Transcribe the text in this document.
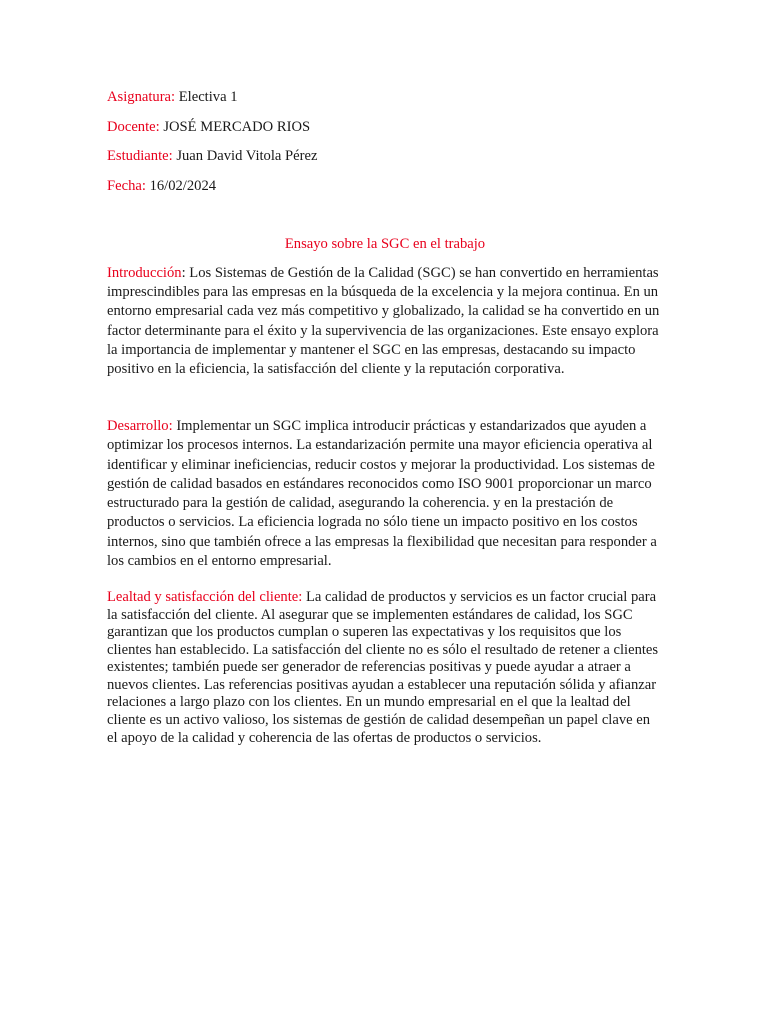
Asignatura: Electiva 1
Docente: JOSÉ MERCADO RIOS
Estudiante: Juan David Vitola Pérez
Fecha: 16/02/2024
Ensayo sobre la SGC en el trabajo

Introducción: Los Sistemas de Gestión de la Calidad (SGC) se han convertido en herramientas imprescindibles para las empresas en la búsqueda de la excelencia y la mejora continua. En un entorno empresarial cada vez más competitivo y globalizado, la calidad se ha convertido en un factor determinante para el éxito y la supervivencia de las organizaciones. Este ensayo explora la importancia de implementar y mantener el SGC en las empresas, destacando su impacto positivo en la eficiencia, la satisfacción del cliente y la reputación corporativa.

Desarrollo: Implementar un SGC implica introducir prácticas y estandarizados que ayuden a optimizar los procesos internos. La estandarización permite una mayor eficiencia operativa al identificar y eliminar ineficiencias, reducir costos y mejorar la productividad. Los sistemas de gestión de calidad basados en estándares reconocidos como ISO 9001 proporcionar un marco estructurado para la gestión de calidad, asegurando la coherencia. y en la prestación de productos o servicios. La eficiencia lograda no sólo tiene un impacto positivo en los costos internos, sino que también ofrece a las empresas la flexibilidad que necesitan para responder a los cambios en el entorno empresarial.

Lealtad y satisfacción del cliente: La calidad de productos y servicios es un factor crucial para la satisfacción del cliente. Al asegurar que se implementen estándares de calidad, los SGC garantizan que los productos cumplan o superen las expectativas y los requisitos que los clientes han establecido. La satisfacción del cliente no es sólo el resultado de retener a clientes existentes; también puede ser generador de referencias positivas y puede ayudar a atraer a nuevos clientes. Las referencias positivas ayudan a establecer una reputación sólida y afianzar relaciones a largo plazo con los clientes. En un mundo empresarial en el que la lealtad del cliente es un activo valioso, los sistemas de gestión de calidad desempeñan un papel clave en el apoyo de la calidad y coherencia de las ofertas de productos o servicios.
